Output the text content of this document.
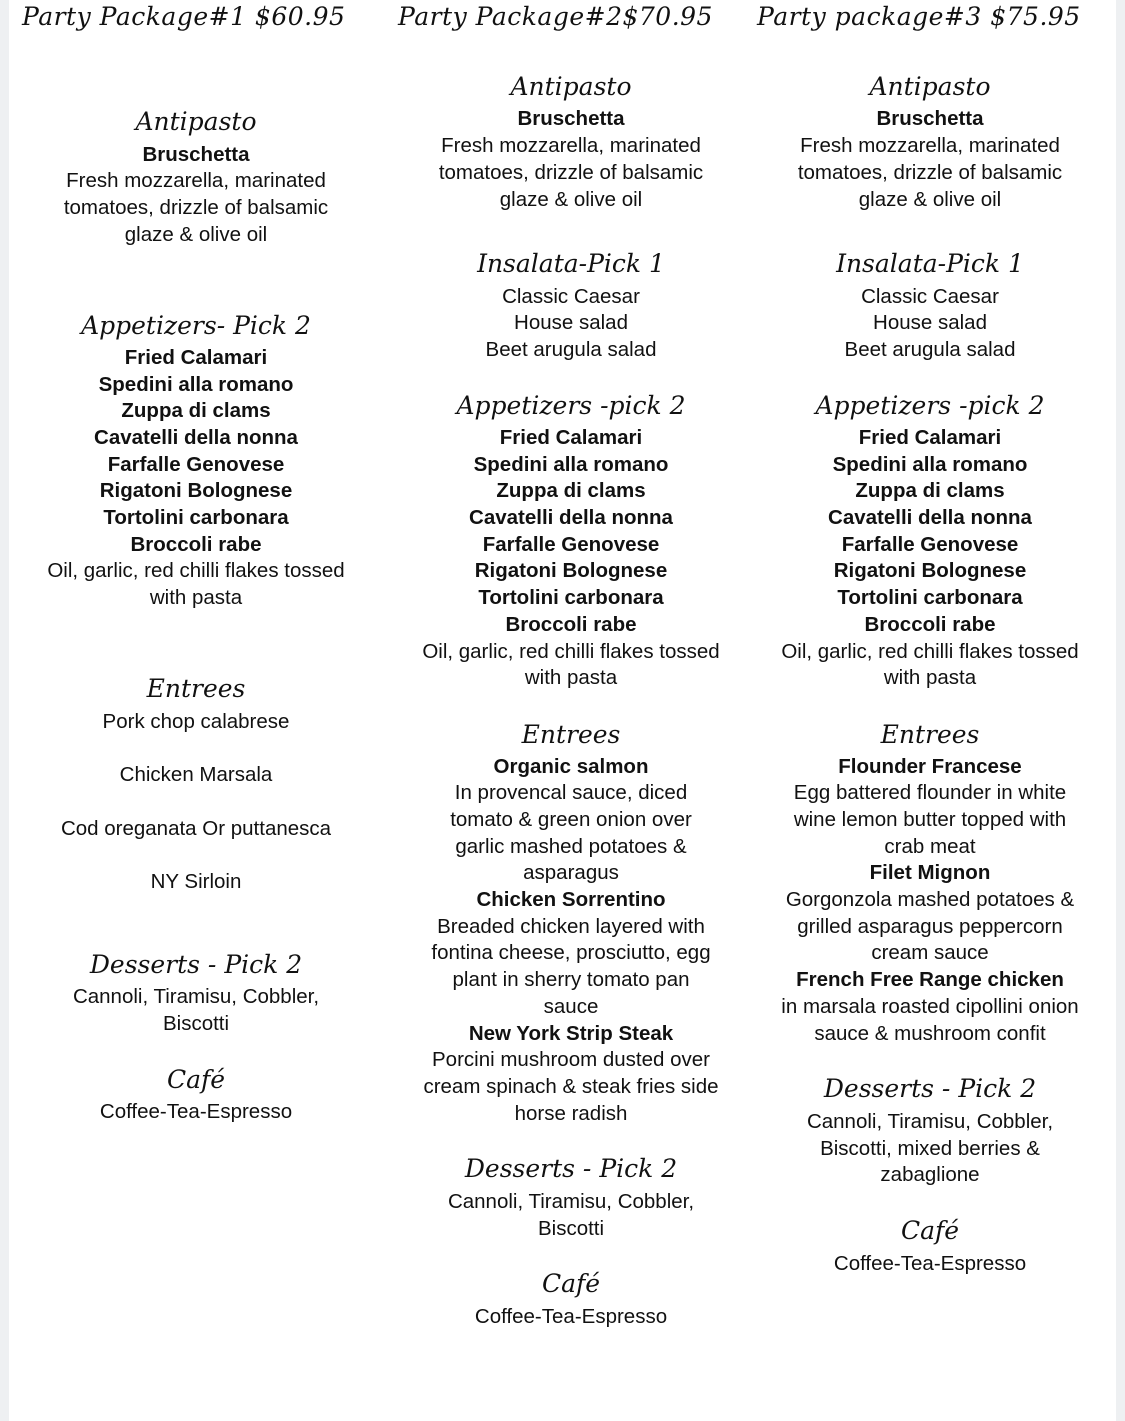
Party Package#1 $60.95 Party Package#2$70.95 Party package#3 $75.95
Antipasto
Bruschetta
Fresh mozzarella, marinated
tomatoes, drizzle of balsamic
glaze & olive oil
Appetizers- Pick 2
Fried Calamari
Spedini alla romano
Zuppa di clams
Cavatelli della nonna
Farfalle Genovese
Rigatoni Bolognese
Tortolini carbonara
Broccoli rabe
Oil, garlic, red chilli flakes tossed
with pasta
Entrees
Pork chop calabrese
Chicken Marsala
Cod oreganata Or puttanesca
NY Sirloin
Desserts - Pick 2
Cannoli, Tiramisu, Cobbler,
Biscotti
Café
Coffee-Tea-Espresso
Antipasto
Bruschetta
Fresh mozzarella, marinated
tomatoes, drizzle of balsamic
glaze & olive oil
Insalata-Pick 1
Classic Caesar
House salad
Beet arugula salad
Appetizers -pick 2
Fried Calamari
Spedini alla romano
Zuppa di clams
Cavatelli della nonna
Farfalle Genovese
Rigatoni Bolognese
Tortolini carbonara
Broccoli rabe
Oil, garlic, red chilli flakes tossed
with pasta
Entrees
Organic salmon
In provencal sauce, diced
tomato & green onion over
garlic mashed potatoes &
asparagus
Chicken Sorrentino
Breaded chicken layered with
fontina cheese, prosciutto, egg
plant in sherry tomato pan
sauce
New York Strip Steak
Porcini mushroom dusted over
cream spinach & steak fries side
horse radish
Desserts - Pick 2
Cannoli, Tiramisu, Cobbler,
Biscotti
Café
Coffee-Tea-Espresso
Antipasto
Bruschetta
Fresh mozzarella, marinated
tomatoes, drizzle of balsamic
glaze & olive oil
Insalata-Pick 1
Classic Caesar
House salad
Beet arugula salad
Appetizers -pick 2
Fried Calamari
Spedini alla romano
Zuppa di clams
Cavatelli della nonna
Farfalle Genovese
Rigatoni Bolognese
Tortolini carbonara
Broccoli rabe
Oil, garlic, red chilli flakes tossed
with pasta
Entrees
Flounder Francese
Egg battered flounder in white
wine lemon butter topped with
crab meat
Filet Mignon
Gorgonzola mashed potatoes &
grilled asparagus peppercorn
cream sauce
French Free Range chicken
in marsala roasted cipollini onion
sauce & mushroom confit
Desserts - Pick 2
Cannoli, Tiramisu, Cobbler,
Biscotti, mixed berries &
zabaglione
Café
Coffee-Tea-Espresso
